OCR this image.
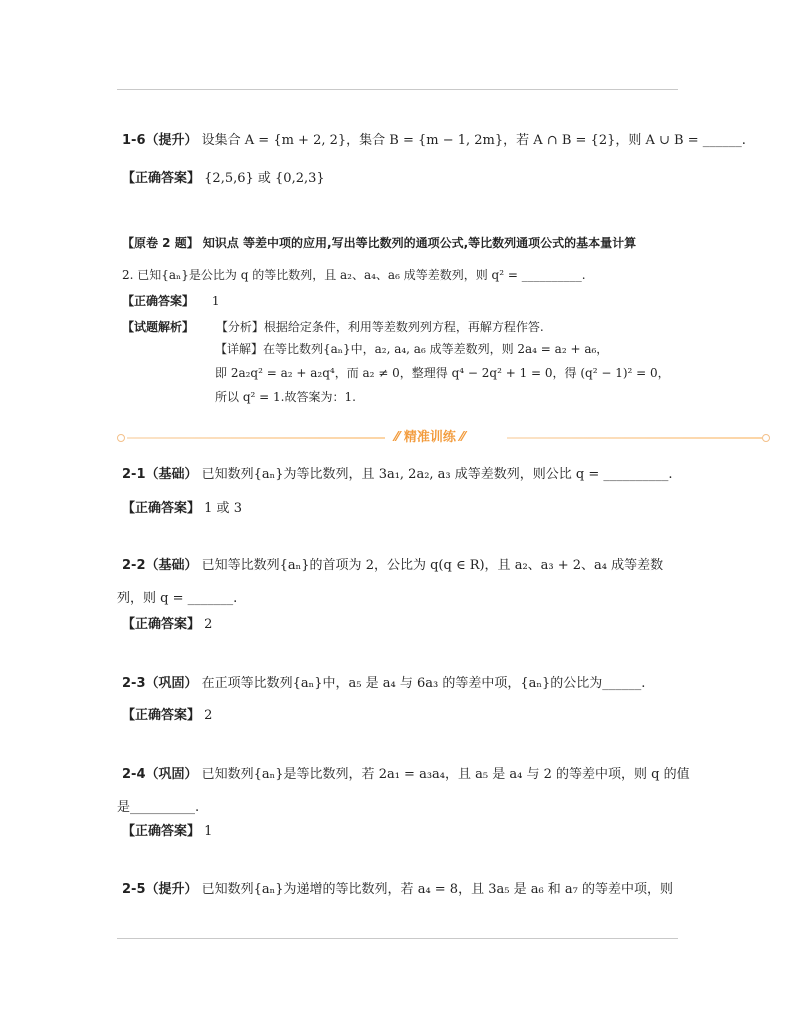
1-6（提升） 设集合 A = {m + 2, 2}，集合 B = {m − 1, 2m}，若 A ∩ B = {2}，则 A ∪ B = ______.
【正确答案】 {2,5,6} 或 {0,2,3}
【原卷 2 题】 知识点 等差中项的应用,写出等比数列的通项公式,等比数列通项公式的基本量计算
2. 已知{aₙ}是公比为 q 的等比数列，且 a₂、a₄、a₆ 成等差数列，则 q² = __________.
【正确答案】 1
【试题解析】 【分析】根据给定条件，利用等差数列列方程，再解方程作答.
【详解】在等比数列{aₙ}中，a₂, a₄, a₆ 成等差数列，则 2a₄ = a₂ + a₆，
即 2a₂q² = a₂ + a₂q⁴，而 a₂ ≠ 0，整理得 q⁴ − 2q² + 1 = 0，得 (q² − 1)² = 0，
所以 q² = 1.故答案为：1.
⁄⁄ 精准训练 ⁄⁄
2-1（基础） 已知数列{aₙ}为等比数列，且 3a₁, 2a₂, a₃ 成等差数列，则公比 q = __________.
【正确答案】 1 或 3
2-2（基础） 已知等比数列{aₙ}的首项为 2，公比为 q(q ∈ R)，且 a₂、a₃ + 2、a₄ 成等差数
列，则 q = _______.
【正确答案】 2
2-3（巩固） 在正项等比数列{aₙ}中，a₅ 是 a₄ 与 6a₃ 的等差中项，{aₙ}的公比为______.
【正确答案】 2
2-4（巩固） 已知数列{aₙ}是等比数列，若 2a₁ = a₃a₄，且 a₅ 是 a₄ 与 2 的等差中项，则 q 的值
是__________.
【正确答案】 1
2-5（提升） 已知数列{aₙ}为递增的等比数列，若 a₄ = 8，且 3a₅ 是 a₆ 和 a₇ 的等差中项，则
